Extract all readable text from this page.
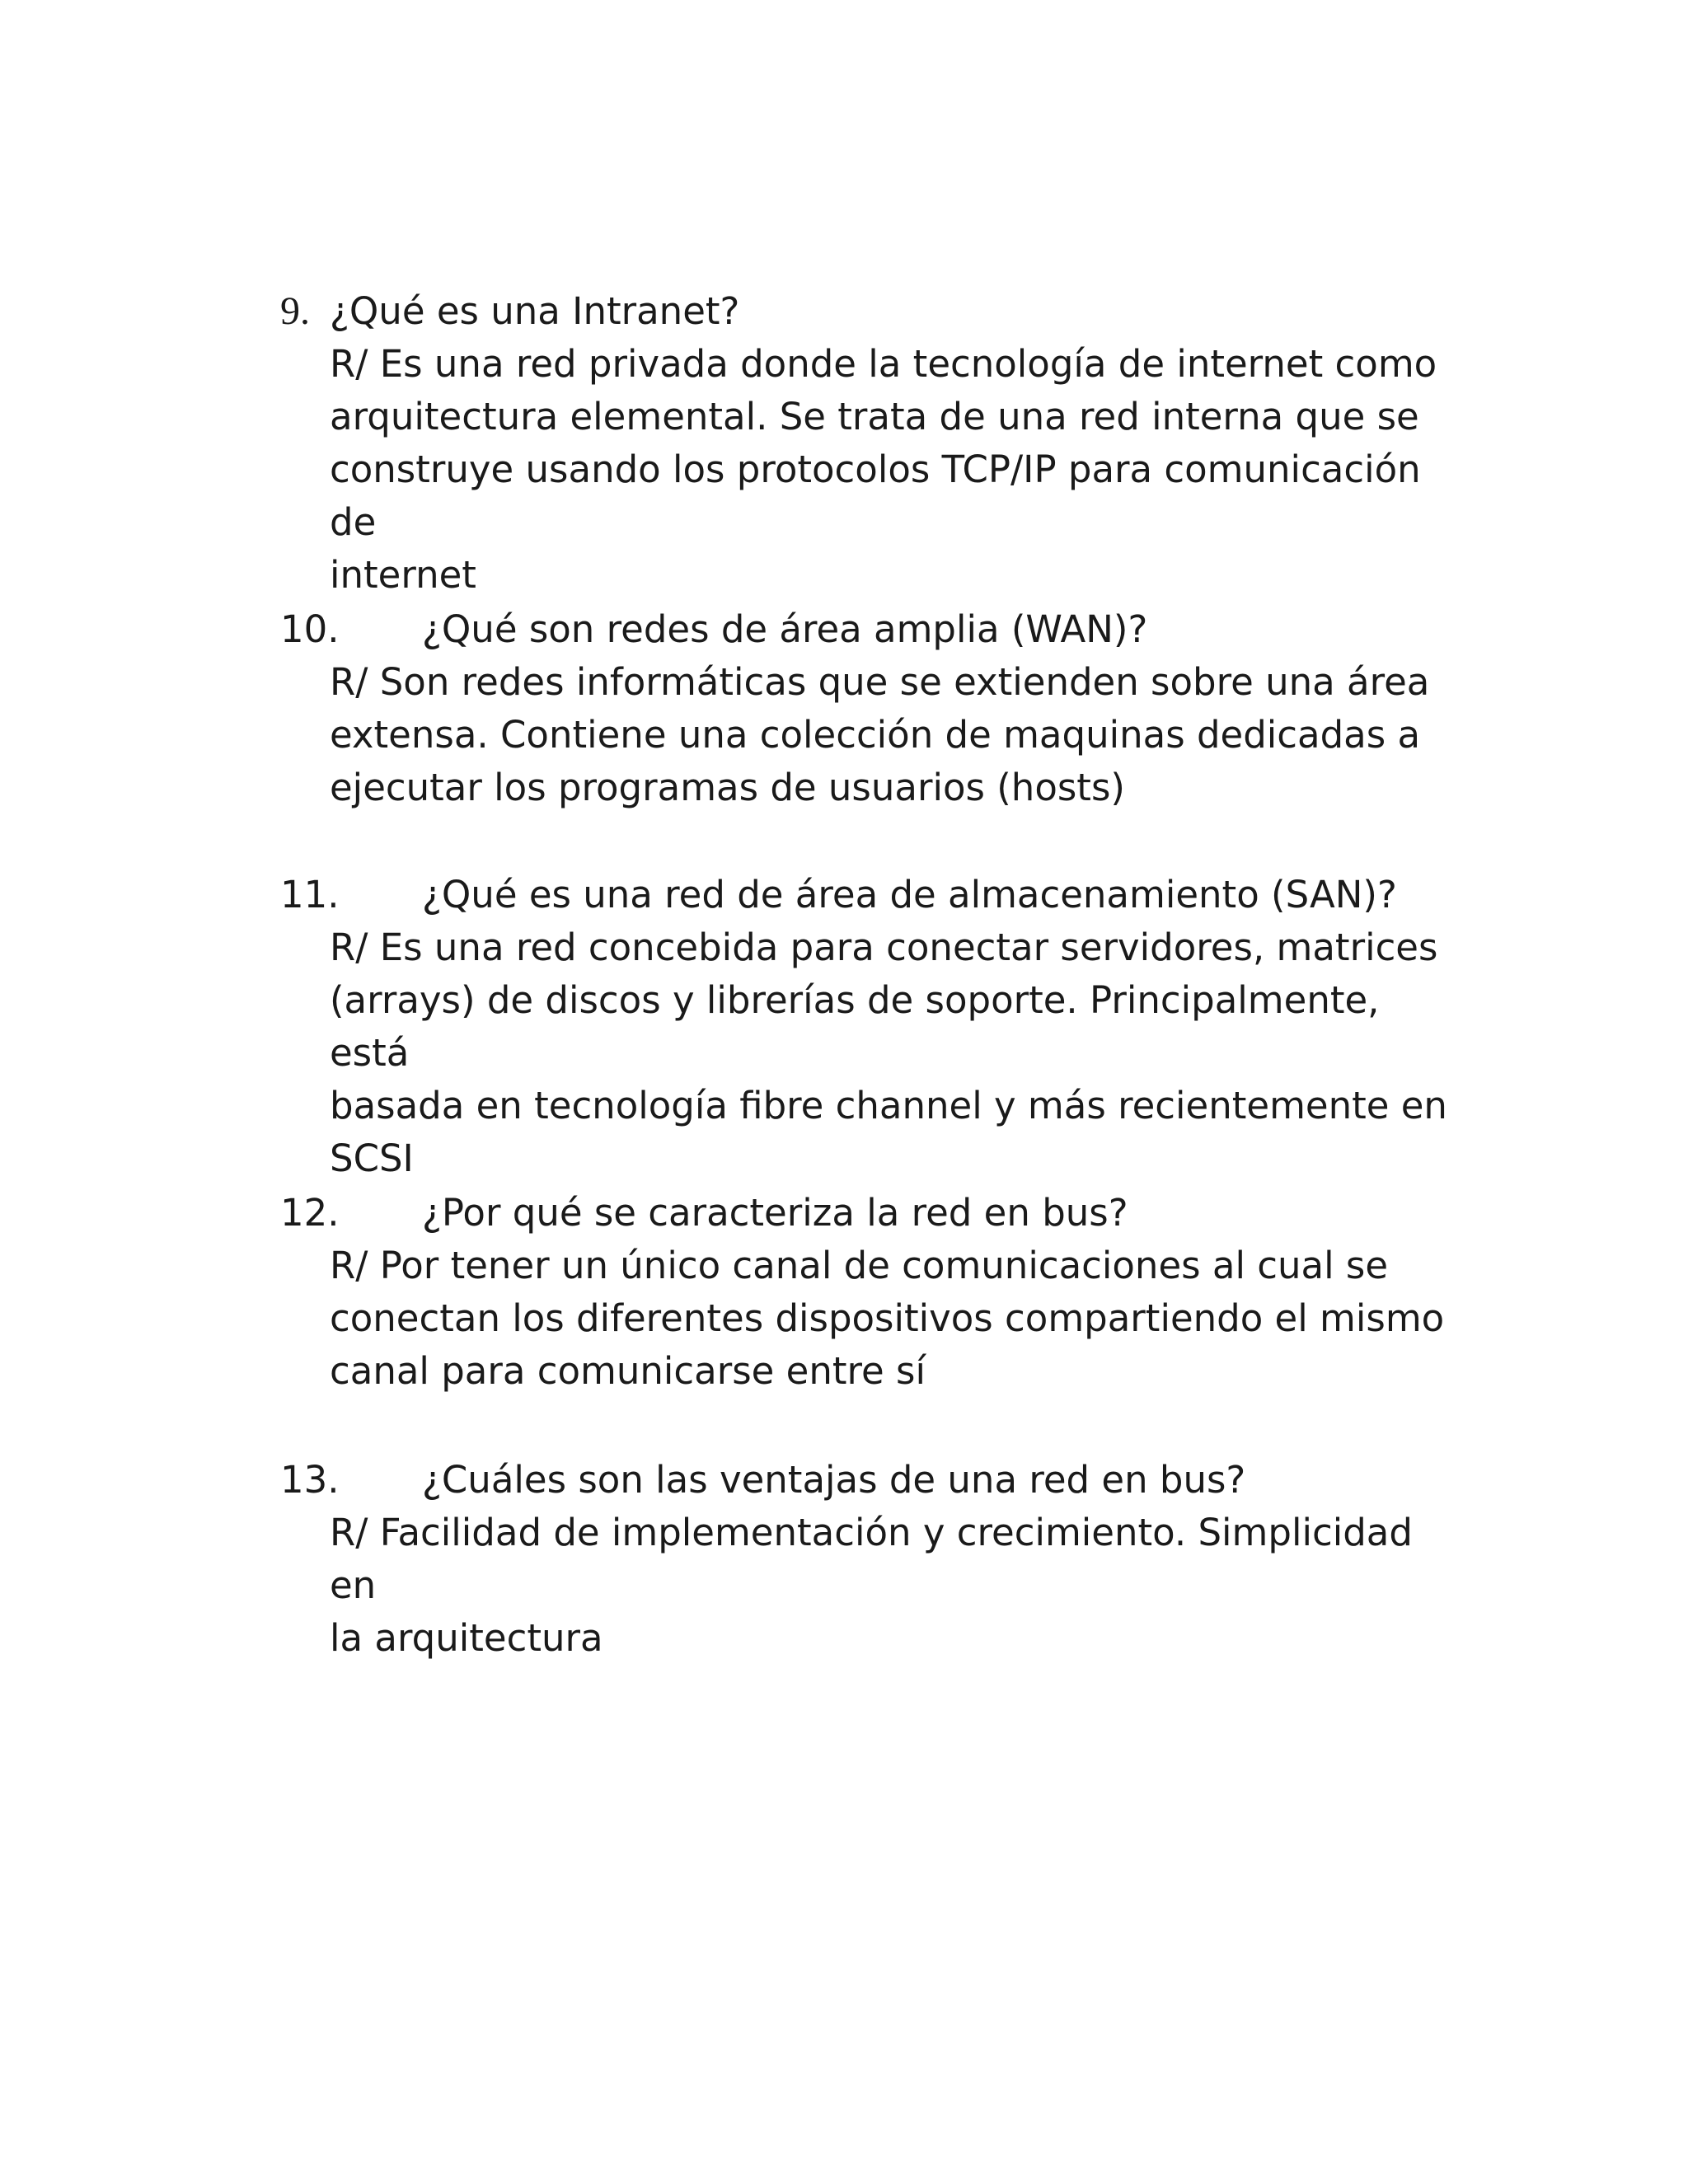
9. ¿Qué es una Intranet?

R/ Es una red privada donde la tecnología de internet como
arquitectura elemental. Se trata de una red interna que se
construye usando los protocolos TCP/IP para comunicación de
internet

10. ¿Qué son redes de área amplia (WAN)?

R/ Son redes informáticas que se extienden sobre una área
extensa. Contiene una colección de maquinas dedicadas a
ejecutar los programas de usuarios (hosts)

11. ¿Qué es una red de área de almacenamiento (SAN)?

R/ Es una red concebida para conectar servidores, matrices
(arrays) de discos y librerías de soporte. Principalmente, está
basada en tecnología fibre channel y más recientemente en
SCSI

12. ¿Por qué se caracteriza la red en bus?

R/ Por tener un único canal de comunicaciones al cual se
conectan los diferentes dispositivos compartiendo el mismo
canal para comunicarse entre sí

13. ¿Cuáles son las ventajas de una red en bus?

R/ Facilidad de implementación y crecimiento. Simplicidad en
la arquitectura
